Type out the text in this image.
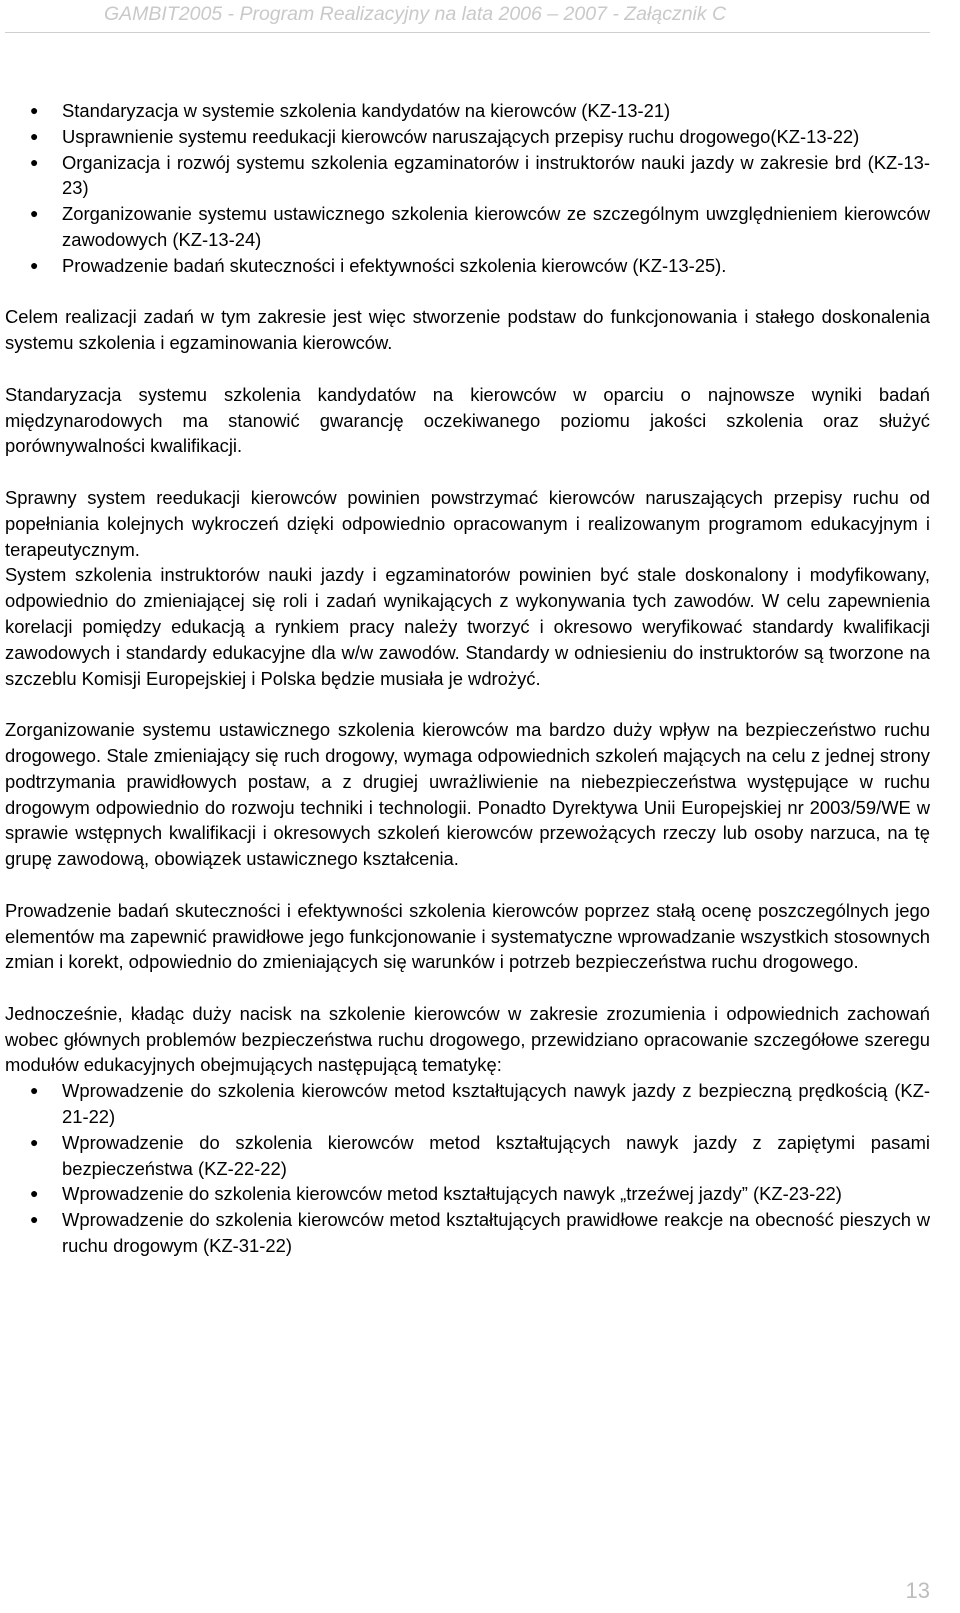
GAMBIT2005 - Program Realizacyjny na lata 2006 – 2007 - Załącznik C
● Standaryzacja w systemie szkolenia kandydatów na kierowców (KZ-13-21)
● Usprawnienie systemu reedukacji kierowców naruszających przepisy ruchu drogowego(KZ-13-22)
● Organizacja i rozwój systemu szkolenia egzaminatorów i instruktorów nauki jazdy w zakresie brd (KZ-13-23)
● Zorganizowanie systemu ustawicznego szkolenia kierowców ze szczególnym uwzględnieniem kierowców zawodowych (KZ-13-24)
● Prowadzenie badań skuteczności i efektywności szkolenia kierowców (KZ-13-25).

Celem realizacji zadań w tym zakresie jest więc stworzenie podstaw do funkcjonowania i stałego doskonalenia systemu szkolenia i egzaminowania kierowców.

Standaryzacja systemu szkolenia kandydatów na kierowców w oparciu o najnowsze wyniki badań międzynarodowych ma stanowić gwarancję oczekiwanego poziomu jakości szkolenia oraz służyć porównywalności kwalifikacji.

Sprawny system reedukacji kierowców powinien powstrzymać kierowców naruszających przepisy ruchu od popełniania kolejnych wykroczeń dzięki odpowiednio opracowanym i realizowanym programom edukacyjnym i terapeutycznym.

System szkolenia instruktorów nauki jazdy i egzaminatorów powinien być stale doskonalony i modyfikowany, odpowiednio do zmieniającej się roli i zadań wynikających z wykonywania tych zawodów. W celu zapewnienia korelacji pomiędzy edukacją a rynkiem pracy należy tworzyć i okresowo weryfikować standardy kwalifikacji zawodowych i standardy edukacyjne dla w/w zawodów. Standardy w odniesieniu do instruktorów są tworzone na szczeblu Komisji Europejskiej i Polska będzie musiała je wdrożyć.

Zorganizowanie systemu ustawicznego szkolenia kierowców ma bardzo duży wpływ na bezpieczeństwo ruchu drogowego. Stale zmieniający się ruch drogowy, wymaga odpowiednich szkoleń mających na celu z jednej strony podtrzymania prawidłowych postaw, a z drugiej uwrażliwienie na niebezpieczeństwa występujące w ruchu drogowym odpowiednio do rozwoju techniki i technologii. Ponadto Dyrektywa Unii Europejskiej nr 2003/59/WE w sprawie wstępnych kwalifikacji i okresowych szkoleń kierowców przewożących rzeczy lub osoby narzuca, na tę grupę zawodową, obowiązek ustawicznego kształcenia.

Prowadzenie badań skuteczności i efektywności szkolenia kierowców poprzez stałą ocenę poszczególnych jego elementów ma zapewnić prawidłowe jego funkcjonowanie i systematyczne wprowadzanie wszystkich stosownych zmian i korekt, odpowiednio do zmieniających się warunków i potrzeb bezpieczeństwa ruchu drogowego.

Jednocześnie, kładąc duży nacisk na szkolenie kierowców w zakresie zrozumienia i odpowiednich zachowań wobec głównych problemów bezpieczeństwa ruchu drogowego, przewidziano opracowanie szczegółowe szeregu modułów edukacyjnych obejmujących następującą tematykę:

● Wprowadzenie do szkolenia kierowców metod kształtujących nawyk jazdy z bezpieczną prędkością (KZ-21-22)
● Wprowadzenie do szkolenia kierowców metod kształtujących nawyk jazdy z zapiętymi pasami bezpieczeństwa (KZ-22-22)
● Wprowadzenie do szkolenia kierowców metod kształtujących nawyk „trzeźwej jazdy” (KZ-23-22)
● Wprowadzenie do szkolenia kierowców metod kształtujących prawidłowe reakcje na obecność pieszych w ruchu drogowym (KZ-31-22)
13
